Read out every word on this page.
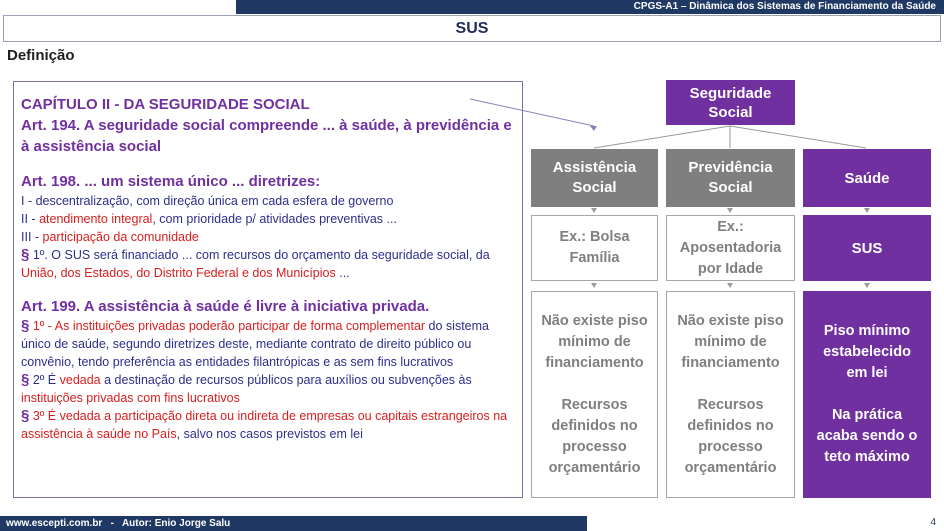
CPGS-A1 – Dinâmica dos Sistemas de Financiamento da Saúde
SUS
Definição

CAPÍTULO II - DA SEGURIDADE SOCIAL

Art. 194. A seguridade social compreende ... à saúde, à previdência e à assistência social

Art. 198. ... um sistema único ... diretrizes:

I - descentralização, com direção única em cada esfera de governo

II - atendimento integral, com prioridade p/ atividades preventivas ...

III - participação da comunidade

§ 1º. O SUS será financiado ... com recursos do orçamento da seguridade social, da União, dos Estados, do Distrito Federal e dos Municípios ...

Art. 199. A assistência à saúde é livre à iniciativa privada.

§ 1º - As instituições privadas poderão participar de forma complementar do sistema único de saúde, segundo diretrizes deste, mediante contrato de direito público ou convênio, tendo preferência as entidades filantrópicas e as sem fins lucrativos

§ 2º É vedada a destinação de recursos públicos para auxílios ou subvenções às instituições privadas com fins lucrativos

§ 3º É vedada a participação direta ou indireta de empresas ou capitais estrangeiros na assistência à saúde no País, salvo nos casos previstos em lei

Seguridade Social
Assistência Social
Previdência Social
Saúde
Ex.: Bolsa Família
Ex.: Aposentadoria por Idade
SUS
Não existe piso mínimo de financiamento
Recursos definidos no processo orçamentário
Não existe piso mínimo de financiamento
Recursos definidos no processo orçamentário
Piso mínimo estabelecido em lei
Na prática acaba sendo o teto máximo
www.escepti.com.br   -   Autor: Enio Jorge Salu	4
